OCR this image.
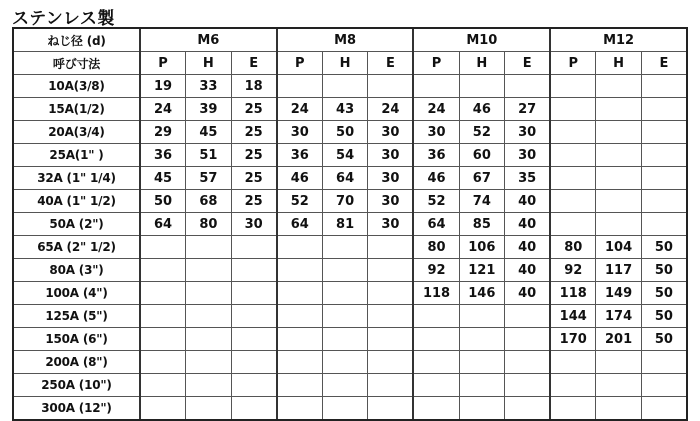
ステンレス製
ねじ径 (d)	M6			M8			M10			M12		
呼び寸法	P	H	E	P	H	E	P	H	E	P	H	E
10A(3/8)	19	33	18									
15A(1/2)	24	39	25	24	43	24	24	46	27			
20A(3/4)	29	45	25	30	50	30	30	52	30			
25A(1" )	36	51	25	36	54	30	36	60	30			
32A (1" 1/4)	45	57	25	46	64	30	46	67	35			
40A (1" 1/2)	50	68	25	52	70	30	52	74	40			
50A (2")	64	80	30	64	81	30	64	85	40			
65A (2" 1/2)							80	106	40	80	104	50
80A (3")							92	121	40	92	117	50
100A (4")							118	146	40	118	149	50
125A (5")										144	174	50
150A (6")										170	201	50
200A (8")												
250A (10")												
300A (12")												
